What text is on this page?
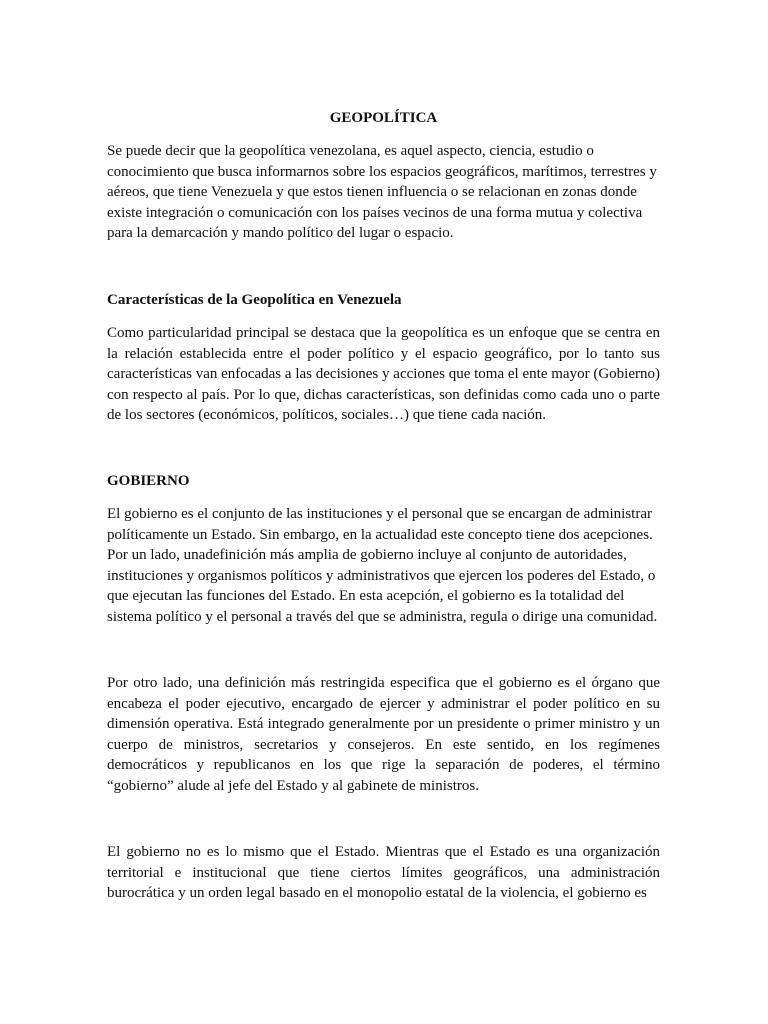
GEOPOLÍTICA

Se puede decir que la geopolítica venezolana, es aquel aspecto, ciencia, estudio o conocimiento que busca informarnos sobre los espacios geográficos, marítimos, terrestres y aéreos, que tiene Venezuela y que estos tienen influencia o se relacionan en zonas donde existe integración o comunicación con los países vecinos de una forma mutua y colectiva para la demarcación y mando político del lugar o espacio.

Características de la Geopolítica en Venezuela

Como particularidad principal se destaca que la geopolítica es un enfoque que se centra en la relación establecida entre el poder político y el espacio geográfico, por lo tanto sus características van enfocadas a las decisiones y acciones que toma el ente mayor (Gobierno) con respecto al país. Por lo que, dichas características, son definidas como cada uno o parte de los sectores (económicos, políticos, sociales…) que tiene cada nación.

GOBIERNO

El gobierno es el conjunto de las instituciones y el personal que se encargan de administrar políticamente un Estado. Sin embargo, en la actualidad este concepto tiene dos acepciones. Por un lado, unadefinición más amplia de gobierno incluye al conjunto de autoridades, instituciones y organismos políticos y administrativos que ejercen los poderes del Estado, o que ejecutan las funciones del Estado. En esta acepción, el gobierno es la totalidad del sistema político y el personal a través del que se administra, regula o dirige una comunidad.

Por otro lado, una definición más restringida especifica que el gobierno es el órgano que encabeza el poder ejecutivo, encargado de ejercer y administrar el poder político en su dimensión operativa. Está integrado generalmente por un presidente o primer ministro y un cuerpo de ministros, secretarios y consejeros. En este sentido, en los regímenes democráticos y republicanos en los que rige la separación de poderes, el término “gobierno” alude al jefe del Estado y al gabinete de ministros.

El gobierno no es lo mismo que el Estado. Mientras que el Estado es una organización territorial e institucional que tiene ciertos límites geográficos, una administración burocrática y un orden legal basado en el monopolio estatal de la violencia, el gobierno es
